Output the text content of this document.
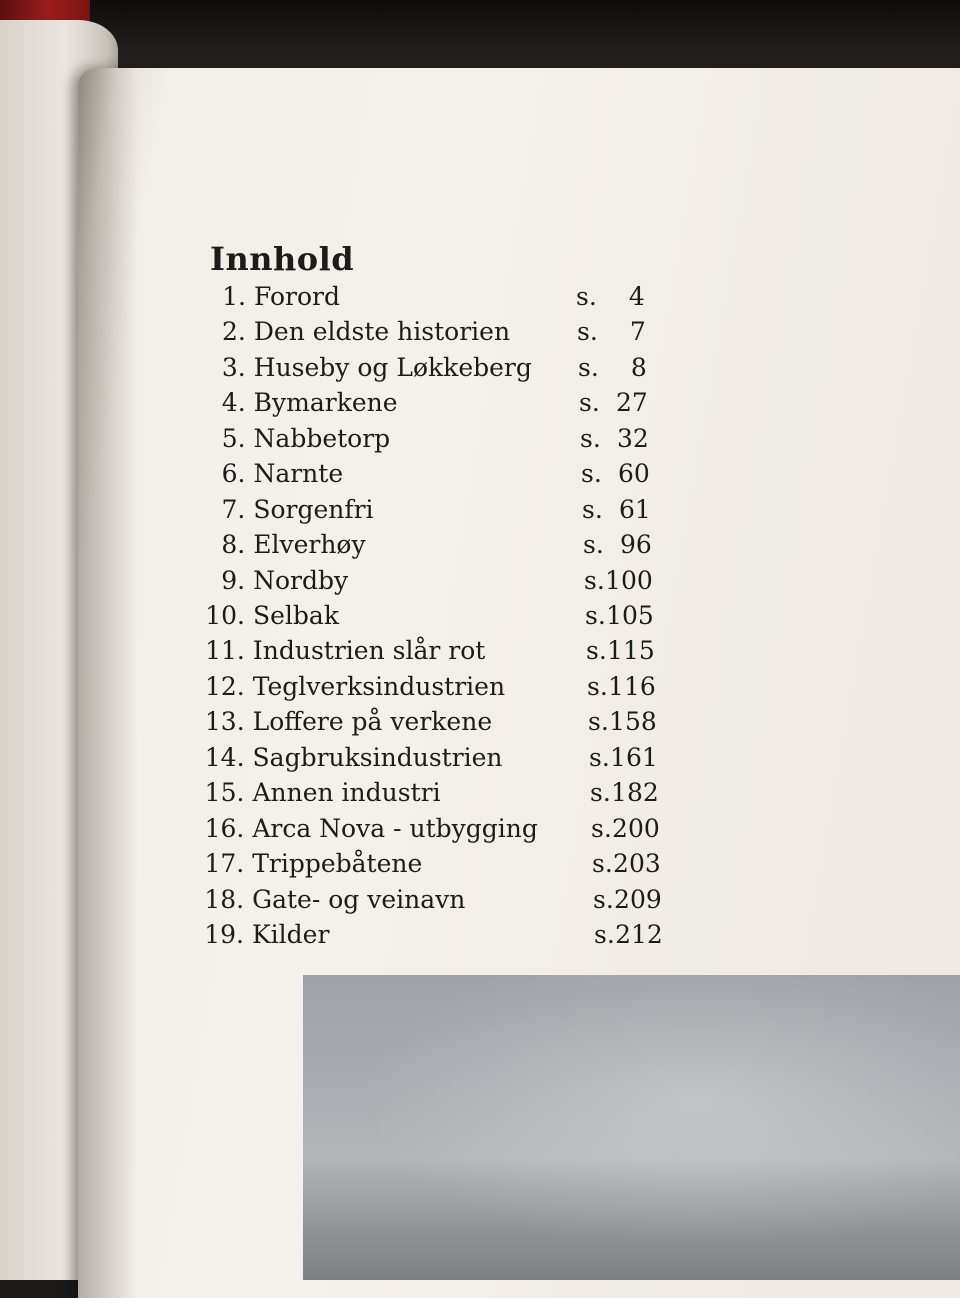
Innhold
1. Forord	s. 4
2. Den eldste historien	s. 7
3. Huseby og Løkkeberg s. 8
4. Bymarkene	s. 27
5. Nabbetorp	s. 32
6. Narnte	s. 60
7. Sorgenfri	s. 61
8. Elverhøy	s. 96
9. Nordby	s.100
10. Selbak	s.105
11. Industrien slår rot	s.115
12. Teglverksindustrien	s.116
13. Loffere på verkene	s.158
14. Sagbruksindustrien	s.161
15. Annen industri	s.182
16. Arca Nova - utbygging s.200
17. Trippebåtene	s.203
18. Gate- og veinavn	s.209
19. Kilder	s.212
